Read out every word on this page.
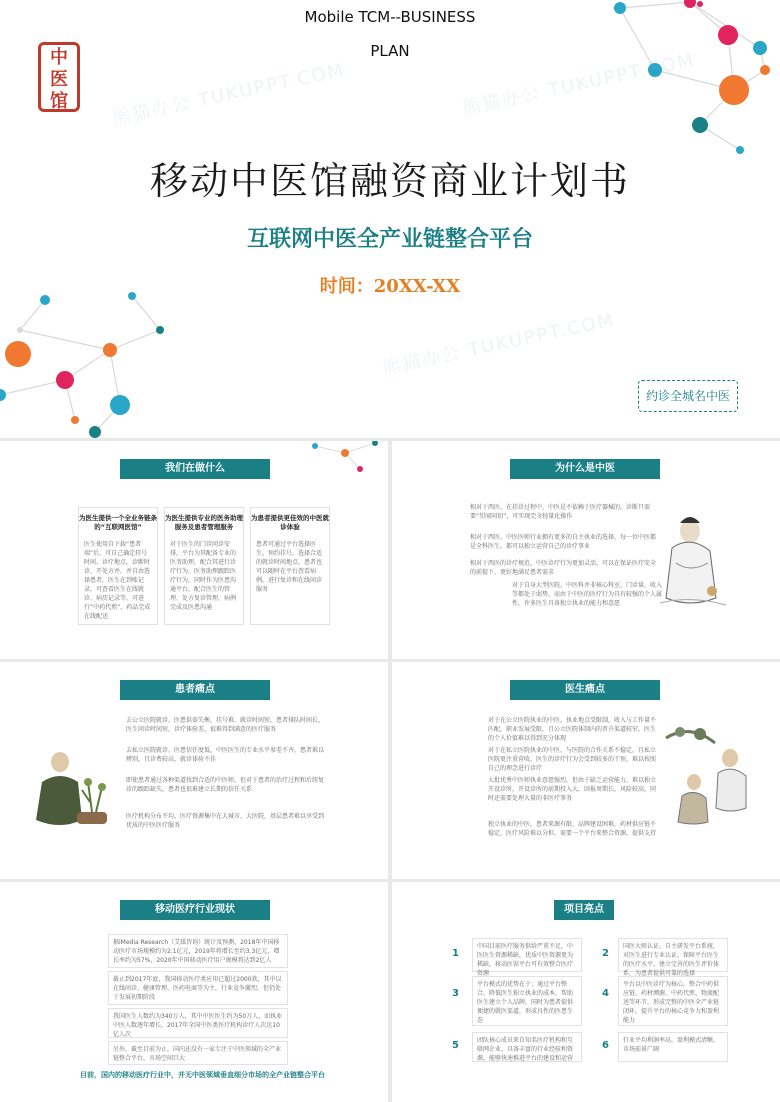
Mobile TCM--BUSINESS
PLAN
中
医
馆	熊猫办公 TUKUPPT.COM	熊猫办公 TUKUPPT.COM
熊猫办公 TUKUPPT.COM
移动中医馆融资商业计划书
互联网中医全产业链整合平台
时间：20XX-XX
约诊全城名中医
我们在做什么
为医生提供一个全业务链条的“互联网医馆”
医生使用自下载“患者端”后，可自己确定挂号时间、诊疗地点，诊断时诊、开处方并，并自由选择患者，医生在到账记录，可查看医生在线就诊、病历记录等，可进行“中药代煎”，药品完成在线配送
为医生提供专业的医务助理服务及患者管理服务
对于医生的门诊问诊安排，平台为其配备专业的医务助理，配合其进行诊疗行为，医务助理跟踪医疗行为，同时作为医患沟通平台，配合医生的管理、处方复诊管理，病例完成及医患沟通
为患者提供更佳效的中医就诊体验
患者可通过平台选择医生，预约挂号，选择合适的就诊时间地点，患者也可以随时在平台查看病例，进行复诊和在线问诊服务
为什么是中医
相对于西医，在挂诊过程中，中医是不依赖于医疗器械的，诊断只需要“望闻问切”，可实现完全轻量化操作
相对于西医，中医医师行业拥有更多的自主执业的选择，每一位中医都是全科医生，都可以独立运营自己的诊疗事业
相对于西医的诊疗规范，中医诊疗行为更加灵活，可以在保证医疗安全的前提下，更好地满足患者需求
对于自身大型医院，中医科并非核心科室，门诊量、收入等都处于弱势，而由于中医的医疗行为具有较强的个人属性，许多医生具备独立执业的能力和意愿
患者痛点
去公立医院就诊，医患供需失衡，挂号难、就诊时间短，患者排队时间长，医生问诊时间短，诊疗体验差，很难得到满意的医疗服务
去私立医院就诊，医患信任度低，中医医生的专业水平参差不齐，患者难以辨别，且诊费较高，就诊体验不佳
即使患者通过各种渠道找到合适的中医师，但对于患者的治疗过程和后续复诊的跟踪缺失，患者也很难建立长期的信任关系
医疗机构分布不均，医疗资源集中在大城市、大医院，基层患者难以享受到优质的中医医疗服务
医生痛点
对于在公立医院执业的中医，执业地点受限制，收入与工作量不匹配，职业发展受限，且公立医院体制内的晋升渠道较窄，医生的个人价值难以得到充分体现
对于在私立医院执业的中医，与医院的合作关系不稳定，且私立医院更注重营收，医生的诊疗行为会受到较多的干预，难以按照自己的理念进行诊疗
大批优秀中医师执业意愿强烈，但由于缺乏运营能力，难以独立开设诊所，开设诊所的前期投入大，回报周期长，风险较高，同时还需要处理大量的非医疗事务
独立执业的中医，患者来源有限，品牌建设困难，药材供应链不稳定，医疗风险难以分担，需要一个平台来整合资源、提供支持
移动医疗行业现状
据iMedia Research（艾媒咨询）统计及预测，2018年中国移动医疗市场规模约为2.1亿元，2019年将增长至约3.3亿元，增长率约为57%，2020年中国移动医疗用户规模将达到2亿人
截止到2017年底，我国移动医疗类应用已超过2000款，其中以在线问诊、健康管理、医药电商等为主，行业竞争激烈，但仍处于发展初期阶段
我国医生人数约为340万人，其中中医医生约为50万人，而执业中医人数逐年增长，2017年全国中医类医疗机构诊疗人次达10亿人次
另外，截至目前为止，国内还没有一家专注于中医领域的全产业链整合平台，市场空间巨大
目前，国内的移动医疗行业中，并无中医领域垂直细分市场的全产业链整合平台
项目亮点
1
中国目前医疗服务供给严重不足，中医医生资源稀缺，优质中医资源更为稀缺，移动医馆平台可有效整合医疗资源
2
国医大师认证，自主研发平台系统，对医生进行专业认证，保障平台医生的医疗水平，建立完善的医生评价体系，为患者提供可靠的选择
3
平台模式的优势在于：通过平台整合，降低医生独立执业的成本，帮助医生建立个人品牌，同时为患者提供便捷的就医渠道，形成良性的医患生态
4
平台以中医诊疗为核心，整合中药供应链、药材溯源、中药代煎、物流配送等环节，形成完整的中医全产业链闭环，提升平台的核心竞争力和盈利能力
5	团队核心成员来自知名医疗机构和互联网企业，具备丰富的行业经验和资源，能够快速推进平台的建设和运营
6	行业平均利润率高，盈利模式清晰，市场前景广阔
